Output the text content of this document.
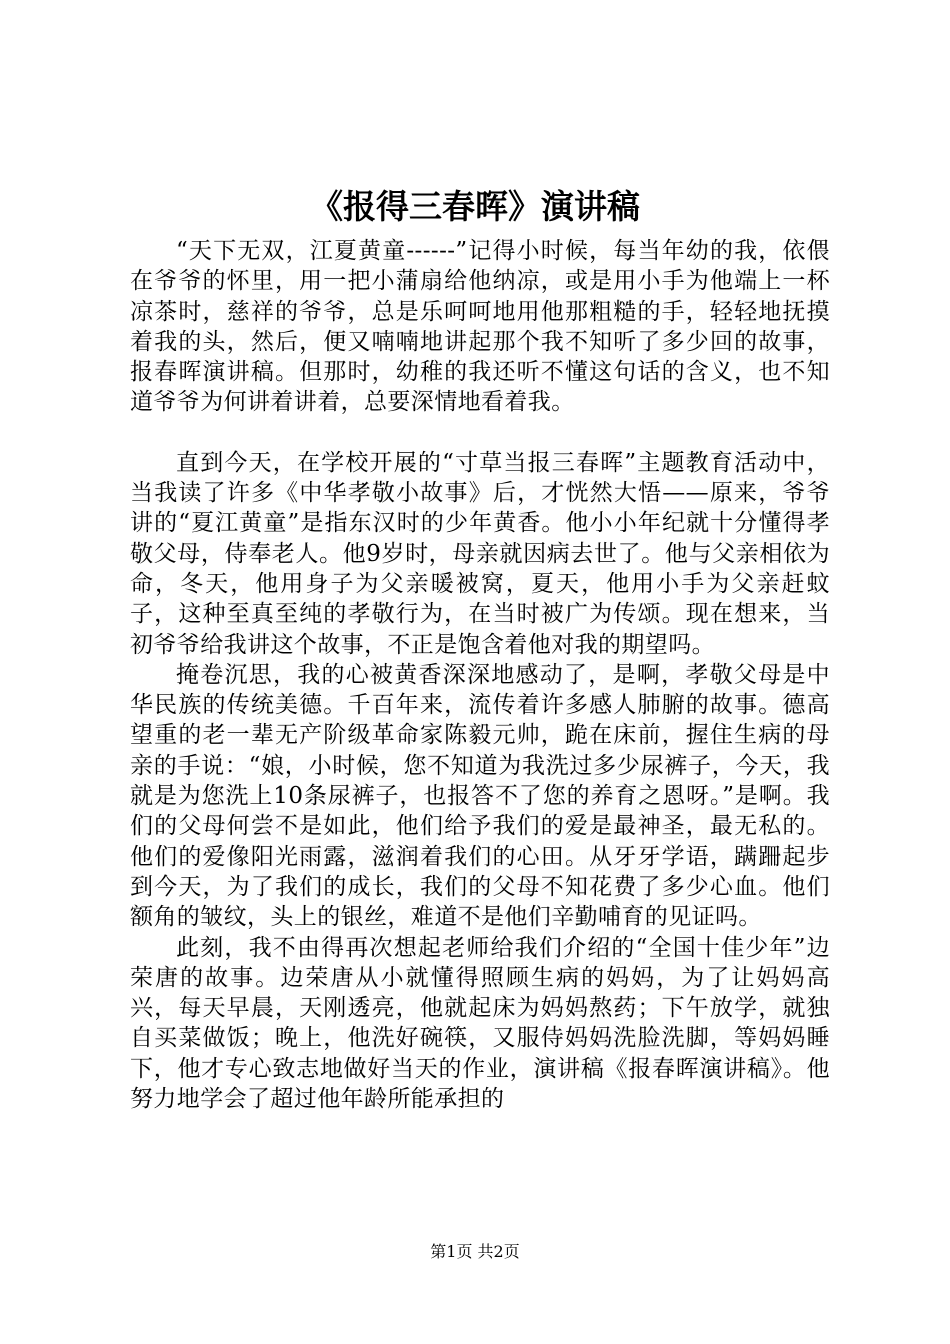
《报得三春晖》演讲稿

“天下无双，江夏黄童------”记得小时候，每当年幼的我，依偎在爷爷的怀里，用一把小蒲扇给他纳凉，或是用小手为他端上一杯凉茶时，慈祥的爷爷，总是乐呵呵地用他那粗糙的手，轻轻地抚摸着我的头，然后，便又喃喃地讲起那个我不知听了多少回的故事，报春晖演讲稿。但那时，幼稚的我还听不懂这句话的含义，也不知道爷爷为何讲着讲着，总要深情地看着我。

直到今天，在学校开展的“寸草当报三春晖”主题教育活动中，当我读了许多《中华孝敬小故事》后，才恍然大悟——原来，爷爷讲的“夏江黄童”是指东汉时的少年黄香。他小小年纪就十分懂得孝敬父母，侍奉老人。他9岁时，母亲就因病去世了。他与父亲相依为命，冬天，他用身子为父亲暖被窝，夏天，他用小手为父亲赶蚊子，这种至真至纯的孝敬行为，在当时被广为传颂。现在想来，当初爷爷给我讲这个故事，不正是饱含着他对我的期望吗。

掩卷沉思，我的心被黄香深深地感动了，是啊，孝敬父母是中华民族的传统美德。千百年来，流传着许多感人肺腑的故事。德高望重的老一辈无产阶级革命家陈毅元帅，跪在床前，握住生病的母亲的手说：“娘，小时候，您不知道为我洗过多少尿裤子，今天，我就是为您洗上10条尿裤子，也报答不了您的养育之恩呀。”是啊。我们的父母何尝不是如此，他们给予我们的爱是最神圣，最无私的。他们的爱像阳光雨露，滋润着我们的心田。从牙牙学语，蹒跚起步到今天，为了我们的成长，我们的父母不知花费了多少心血。他们额角的皱纹，头上的银丝，难道不是他们辛勤哺育的见证吗。

此刻，我不由得再次想起老师给我们介绍的“全国十佳少年”边荣唐的故事。边荣唐从小就懂得照顾生病的妈妈，为了让妈妈高兴，每天早晨，天刚透亮，他就起床为妈妈熬药；下午放学，就独自买菜做饭；晚上，他洗好碗筷，又服侍妈妈洗脸洗脚，等妈妈睡下，他才专心致志地做好当天的作业，演讲稿《报春晖演讲稿》。他努力地学会了超过他年龄所能承担的

第1页 共2页
